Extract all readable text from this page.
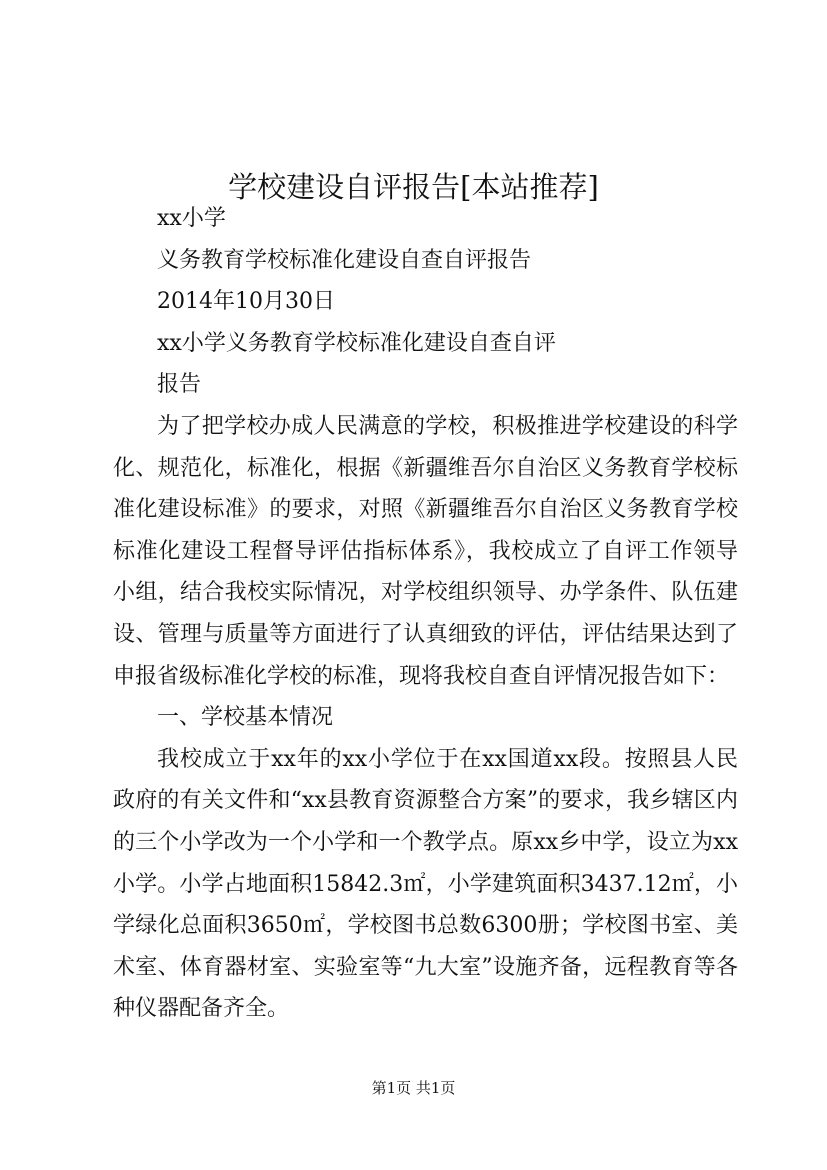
学校建设自评报告[本站推荐]

xx小学

义务教育学校标准化建设自查自评报告

2014年10月30日

xx小学义务教育学校标准化建设自查自评

报告

为了把学校办成人民满意的学校，积极推进学校建设的科学化、规范化，标准化，根据《新疆维吾尔自治区义务教育学校标准化建设标准》的要求，对照《新疆维吾尔自治区义务教育学校标准化建设工程督导评估指标体系》，我校成立了自评工作领导小组，结合我校实际情况，对学校组织领导、办学条件、队伍建设、管理与质量等方面进行了认真细致的评估，评估结果达到了申报省级标准化学校的标准，现将我校自查自评情况报告如下：

一、学校基本情况

我校成立于xx年的xx小学位于在xx国道xx段。按照县人民政府的有关文件和“xx县教育资源整合方案”的要求，我乡辖区内的三个小学改为一个小学和一个教学点。原xx乡中学，设立为xx小学。小学占地面积15842.3㎡，小学建筑面积3437.12㎡，小学绿化总面积3650㎡，学校图书总数6300册；学校图书室、美术室、体育器材室、实验室等“九大室”设施齐备，远程教育等各种仪器配备齐全。

第1页 共1页
